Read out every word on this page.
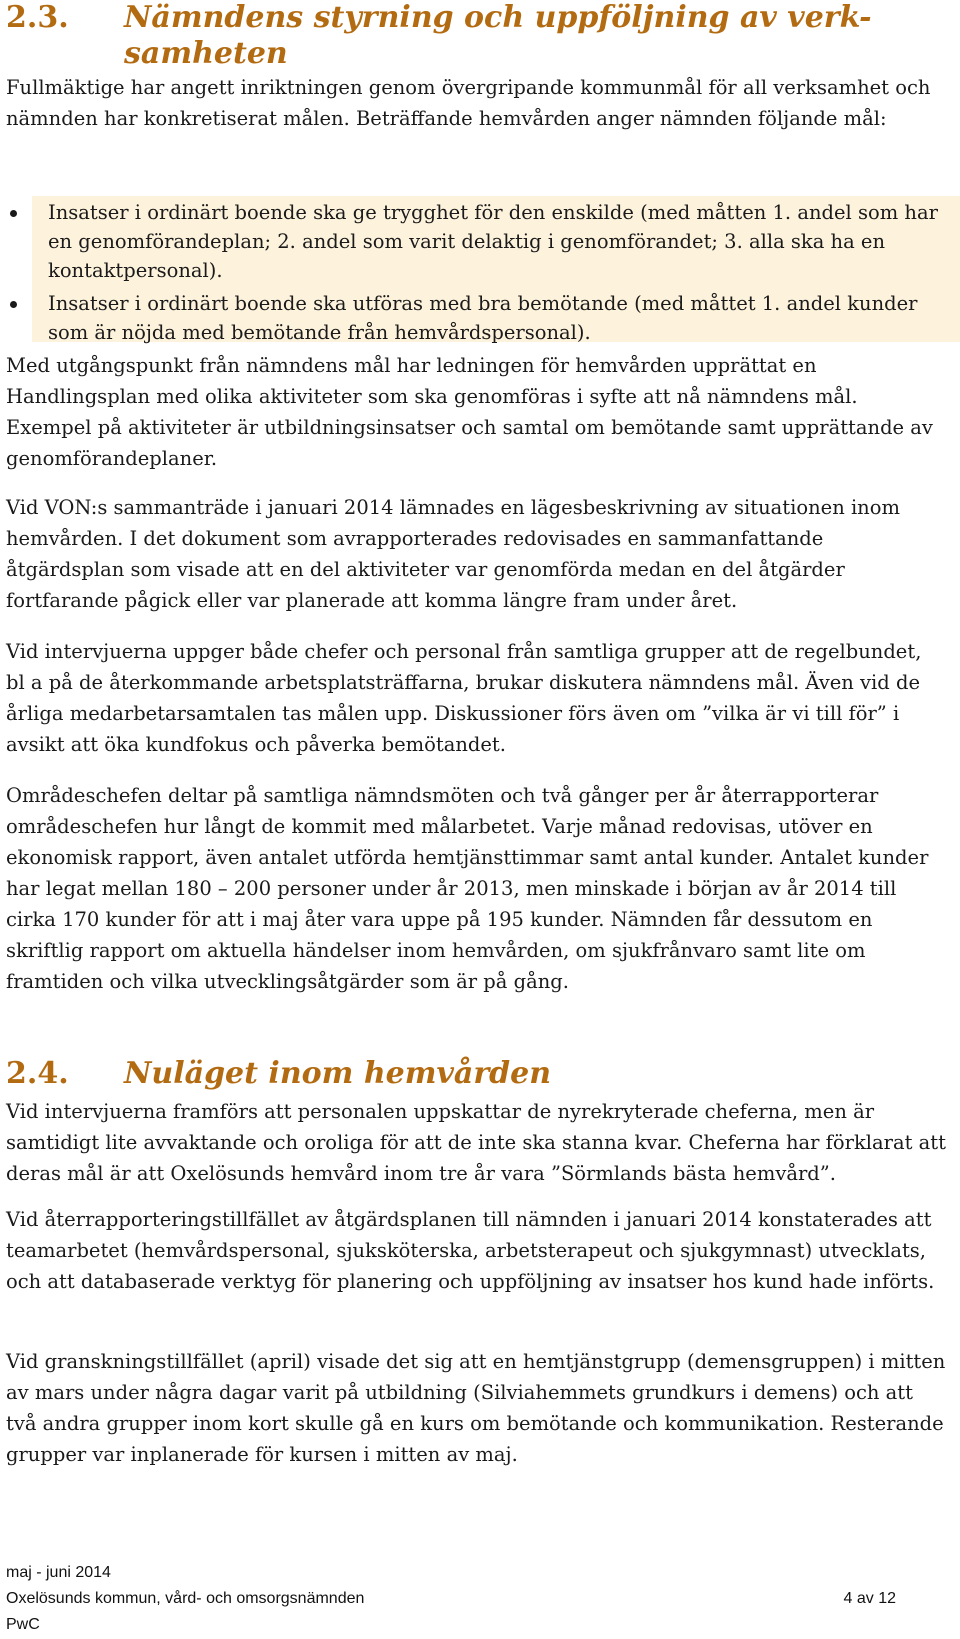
2.3.	Nämndens styrning och uppföljning av verk-samheten

Fullmäktige har angett inriktningen genom övergripande kommunmål för all verksamhet och nämnden har konkretiserat målen. Beträffande hemvården anger nämnden följande mål:

Insatser i ordinärt boende ska ge trygghet för den enskilde (med måtten 1. andel som har en genomförandeplan; 2. andel som varit delaktig i genomförandet; 3. alla ska ha en kontaktpersonal).
Insatser i ordinärt boende ska utföras med bra bemötande (med måttet 1. andel kunder som är nöjda med bemötande från hemvårdspersonal).

Med utgångspunkt från nämndens mål har ledningen för hemvården upprättat en Handlingsplan med olika aktiviteter som ska genomföras i syfte att nå nämndens mål. Exempel på aktiviteter är utbildningsinsatser och samtal om bemötande samt upprättande av genomförandeplaner.

Vid VON:s sammanträde i januari 2014 lämnades en lägesbeskrivning av situationen inom hemvården. I det dokument som avrapporterades redovisades en sammanfattande åtgärdsplan som visade att en del aktiviteter var genomförda medan en del åtgärder fortfarande pågick eller var planerade att komma längre fram under året.

Vid intervjuerna uppger både chefer och personal från samtliga grupper att de regelbundet, bl a på de återkommande arbetsplatsträffarna, brukar diskutera nämndens mål. Även vid de årliga medarbetarsamtalen tas målen upp. Diskussioner förs även om ”vilka är vi till för” i avsikt att öka kundfokus och påverka bemötandet.

Områdeschefen deltar på samtliga nämndsmöten och två gånger per år återrapporterar områdeschefen hur långt de kommit med målarbetet. Varje månad redovisas, utöver en ekonomisk rapport, även antalet utförda hemtjänsttimmar samt antal kunder. Antalet kunder har legat mellan 180 – 200 personer under år 2013, men minskade i början av år 2014 till cirka 170 kunder för att i maj åter vara uppe på 195 kunder. Nämnden får dessutom en skriftlig rapport om aktuella händelser inom hemvården, om sjukfrånvaro samt lite om framtiden och vilka utvecklingsåtgärder som är på gång.

2.4.	Nuläget inom hemvården

Vid intervjuerna framförs att personalen uppskattar de nyrekryterade cheferna, men är samtidigt lite avvaktande och oroliga för att de inte ska stanna kvar. Cheferna har förklarat att deras mål är att Oxelösunds hemvård inom tre år vara ”Sörmlands bästa hemvård”.

Vid återrapporteringstillfället av åtgärdsplanen till nämnden i januari 2014 konstaterades att teamarbetet (hemvårdspersonal, sjuksköterska, arbetsterapeut och sjukgymnast) utvecklats, och att databaserade verktyg för planering och uppföljning av insatser hos kund hade införts.

Vid granskningstillfället (april) visade det sig att en hemtjänstgrupp (demensgruppen) i mitten av mars under några dagar varit på utbildning (Silviahemmets grundkurs i demens) och att två andra grupper inom kort skulle gå en kurs om bemötande och kommunikation. Resterande grupper var inplanerade för kursen i mitten av maj.

maj - juni 2014
Oxelösunds kommun, vård- och omsorgsnämnden	4 av 12
PwC
